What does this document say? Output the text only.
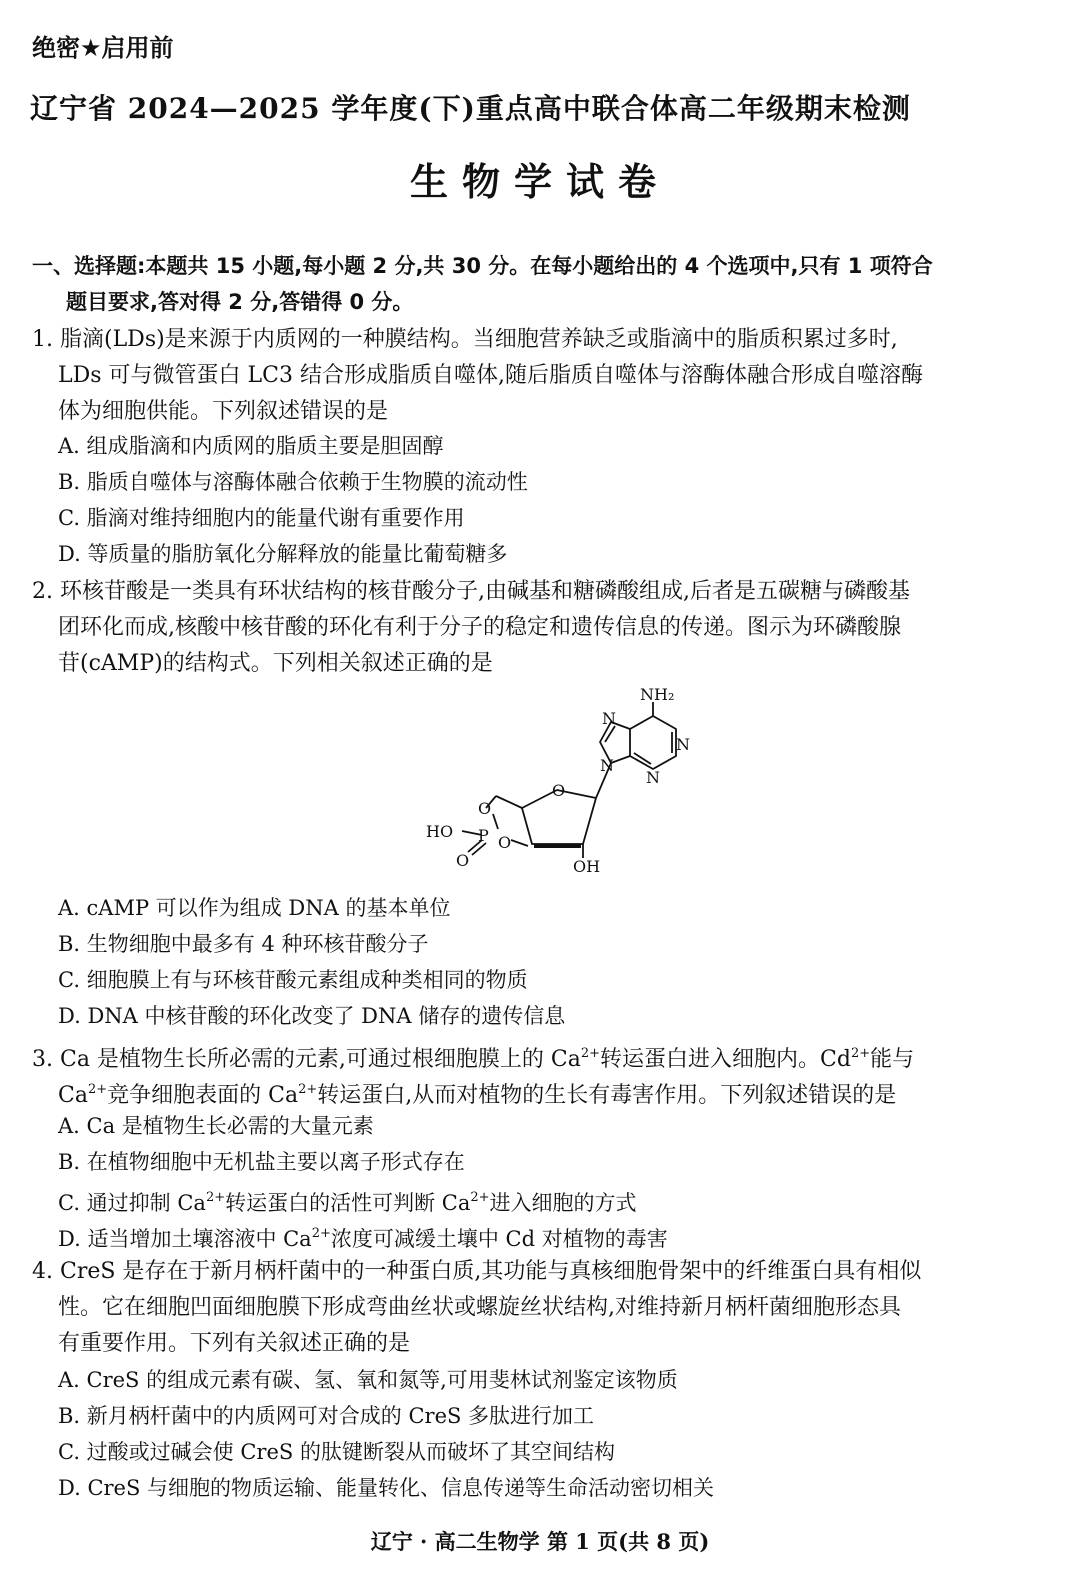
绝密★启用前
辽宁省 2024—2025 学年度(下)重点高中联合体高二年级期末检测
生物学试卷
一、选择题:本题共 15 小题,每小题 2 分,共 30 分。在每小题给出的 4 个选项中,只有 1 项符合
题目要求,答对得 2 分,答错得 0 分。
1. 脂滴(LDs)是来源于内质网的一种膜结构。当细胞营养缺乏或脂滴中的脂质积累过多时,
LDs 可与微管蛋白 LC3 结合形成脂质自噬体,随后脂质自噬体与溶酶体融合形成自噬溶酶
体为细胞供能。下列叙述错误的是
A. 组成脂滴和内质网的脂质主要是胆固醇
B. 脂质自噬体与溶酶体融合依赖于生物膜的流动性
C. 脂滴对维持细胞内的能量代谢有重要作用
D. 等质量的脂肪氧化分解释放的能量比葡萄糖多
2. 环核苷酸是一类具有环状结构的核苷酸分子,由碱基和糖磷酸组成,后者是五碳糖与磷酸基
团环化而成,核酸中核苷酸的环化有利于分子的稳定和遗传信息的传递。图示为环磷酸腺
苷(cAMP)的结构式。下列相关叙述正确的是
NH₂
N
N
N
N
O
O
O
HO P
O	OH
A. cAMP 可以作为组成 DNA 的基本单位
B. 生物细胞中最多有 4 种环核苷酸分子
C. 细胞膜上有与环核苷酸元素组成种类相同的物质
D. DNA 中核苷酸的环化改变了 DNA 储存的遗传信息
3. Ca 是植物生长所必需的元素,可通过根细胞膜上的 $Ca^{2+}$转运蛋白进入细胞内。$Cd^{2+}$能与
$Ca^{2+}$竞争细胞表面的 $Ca^{2+}$转运蛋白,从而对植物的生长有毒害作用。下列叙述错误的是
A. Ca 是植物生长必需的大量元素
B. 在植物细胞中无机盐主要以离子形式存在
C. 通过抑制 $Ca^{2+}$转运蛋白的活性可判断 $Ca^{2+}$进入细胞的方式
D. 适当增加土壤溶液中 $Ca^{2+}$浓度可减缓土壤中 Cd 对植物的毒害
4. CreS 是存在于新月柄杆菌中的一种蛋白质,其功能与真核细胞骨架中的纤维蛋白具有相似
性。它在细胞凹面细胞膜下形成弯曲丝状或螺旋丝状结构,对维持新月柄杆菌细胞形态具
有重要作用。下列有关叙述正确的是
A. CreS 的组成元素有碳、氢、氧和氮等,可用斐林试剂鉴定该物质
B. 新月柄杆菌中的内质网可对合成的 CreS 多肽进行加工
C. 过酸或过碱会使 CreS 的肽键断裂从而破坏了其空间结构
D. CreS 与细胞的物质运输、能量转化、信息传递等生命活动密切相关
辽宁 · 高二生物学 第 1 页(共 8 页)
